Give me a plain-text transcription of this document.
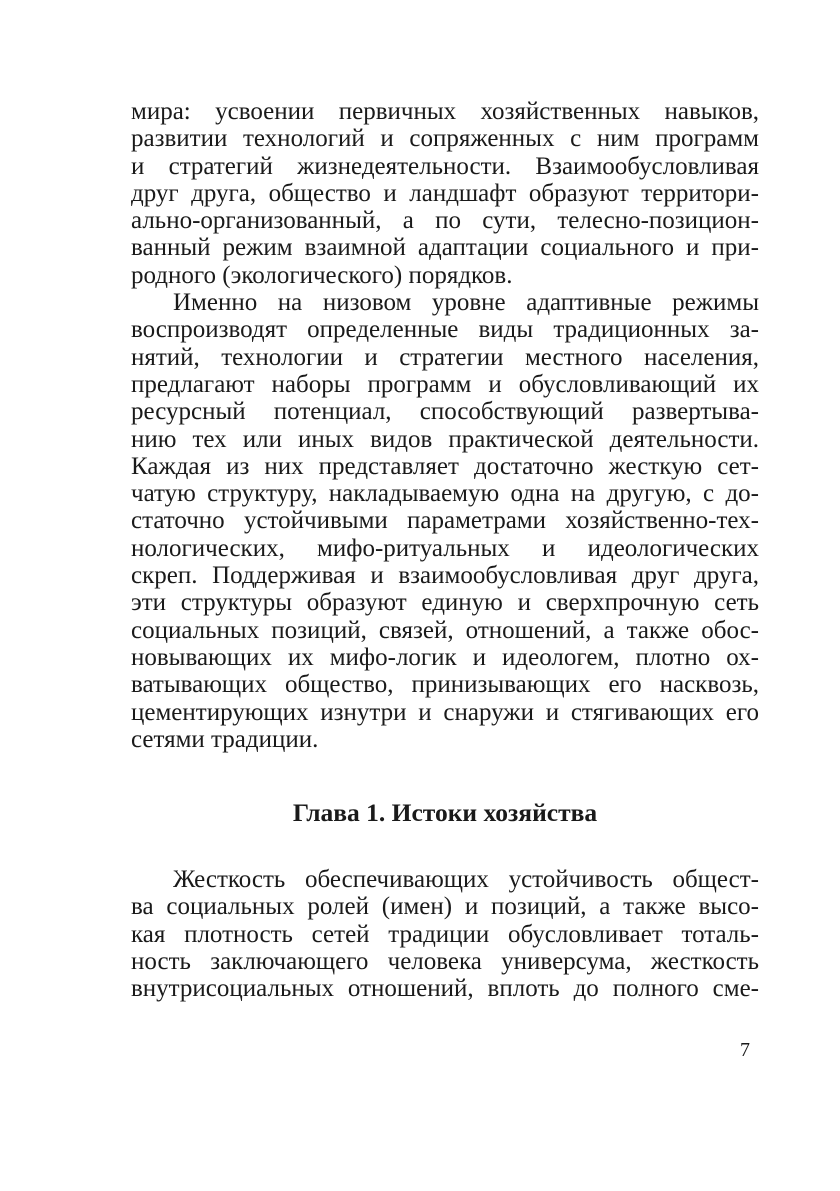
мира: усвоении первичных хозяйственных навыков,
развитии технологий и сопряженных с ним программ
и стратегий жизнедеятельности. Взаимообусловливая
друг друга, общество и ландшафт образуют территори-
ально-организованный, а по сути, телесно-позицион-
ванный режим взаимной адаптации социального и при-
родного (экологического) порядков.
Именно на низовом уровне адаптивные режимы
воспроизводят определенные виды традиционных за-
нятий, технологии и стратегии местного населения,
предлагают наборы программ и обусловливающий их
ресурсный потенциал, способствующий развертыва-
нию тех или иных видов практической деятельности.
Каждая из них представляет достаточно жесткую сет-
чатую структуру, накладываемую одна на другую, с до-
статочно устойчивыми параметрами хозяйственно-тех-
нологических, мифо-ритуальных и идеологических
скреп. Поддерживая и взаимообусловливая друг друга,
эти структуры образуют единую и сверхпрочную сеть
социальных позиций, связей, отношений, а также обос-
новывающих их мифо-логик и идеологем, плотно ох-
ватывающих общество, принизывающих его насквозь,
цементирующих изнутри и снаружи и стягивающих его
сетями традиции.
Глава 1. Истоки хозяйства
Жесткость обеспечивающих устойчивость общест-
ва социальных ролей (имен) и позиций, а также высо-
кая плотность сетей традиции обусловливает тоталь-
ность заключающего человека универсума, жесткость
внутрисоциальных отношений, вплоть до полного сме-
7
